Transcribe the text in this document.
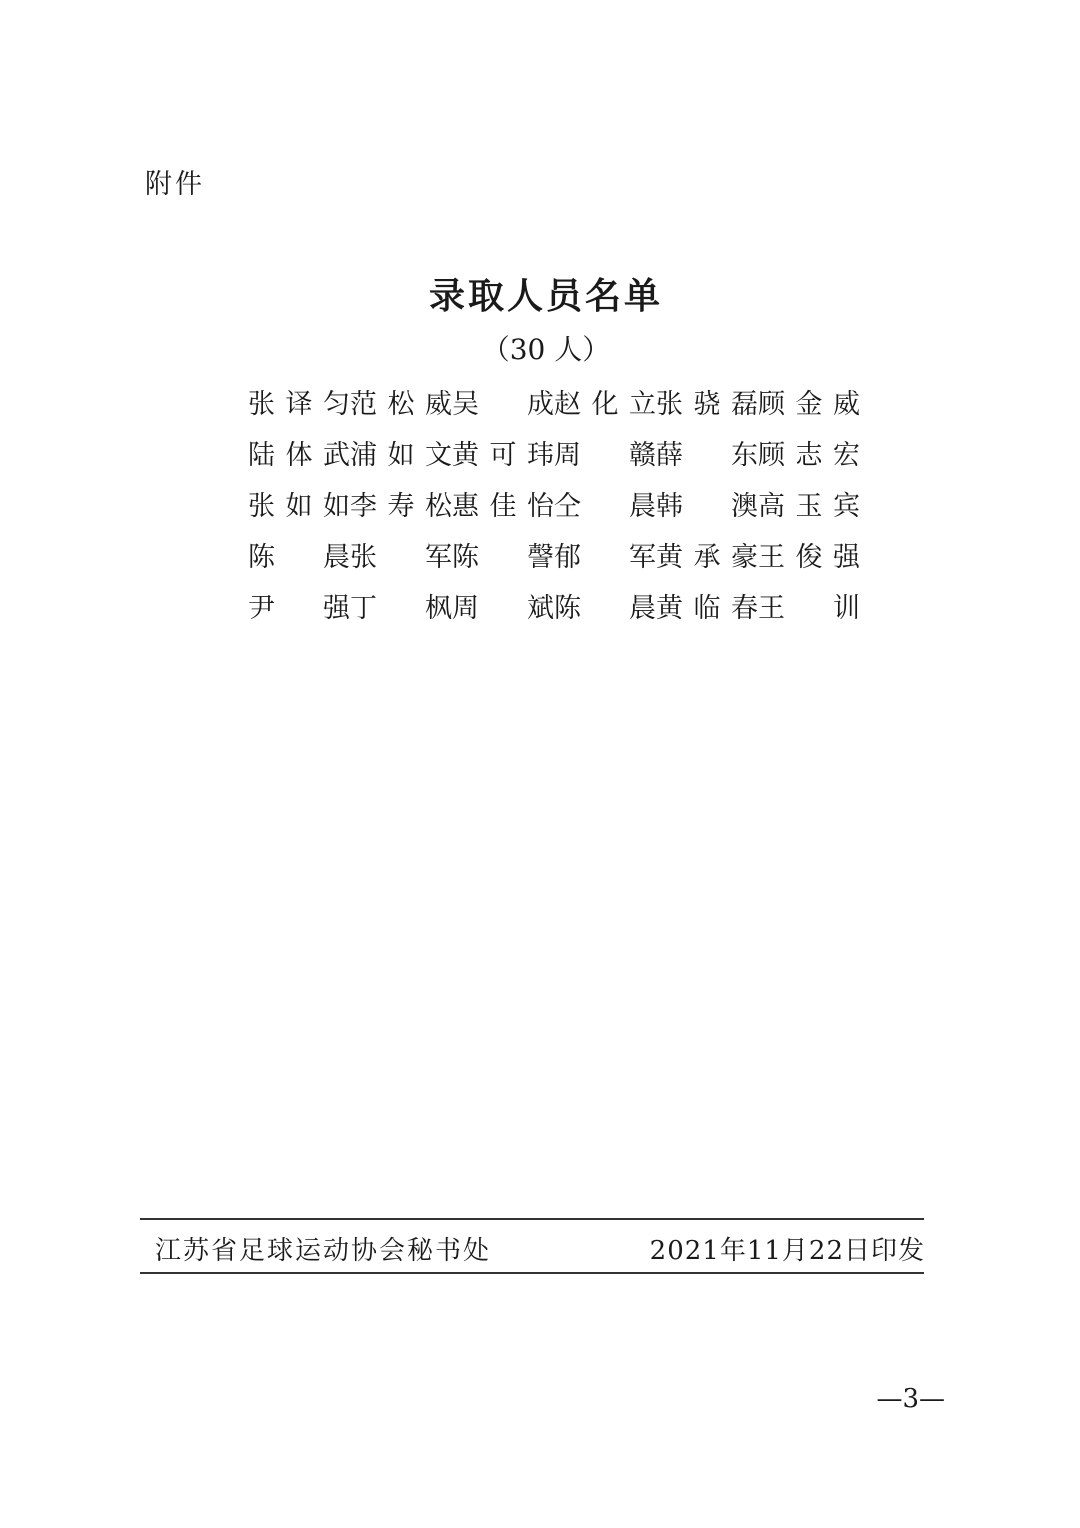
附件
录取人员名单
（30 人）
张 译 匀 范 松 威 吴 成 赵 化 立 张 骁 磊 顾 金 威
陆 体 武 浦 如 文 黄 可 玮 周 赣 薛 东 顾 志 宏
张 如 如 李 寿 松 惠 佳 怡 仝 晨 韩 澳 高 玉 宾
陈 晨 张 军 陈 謦 郁 军 黄 承 豪 王 俊 强
尹 强 丁 枫 周 斌 陈 晨 黄 临 春 王 训
江苏省足球运动协会秘书处	2021年11月22日印发
—3—
